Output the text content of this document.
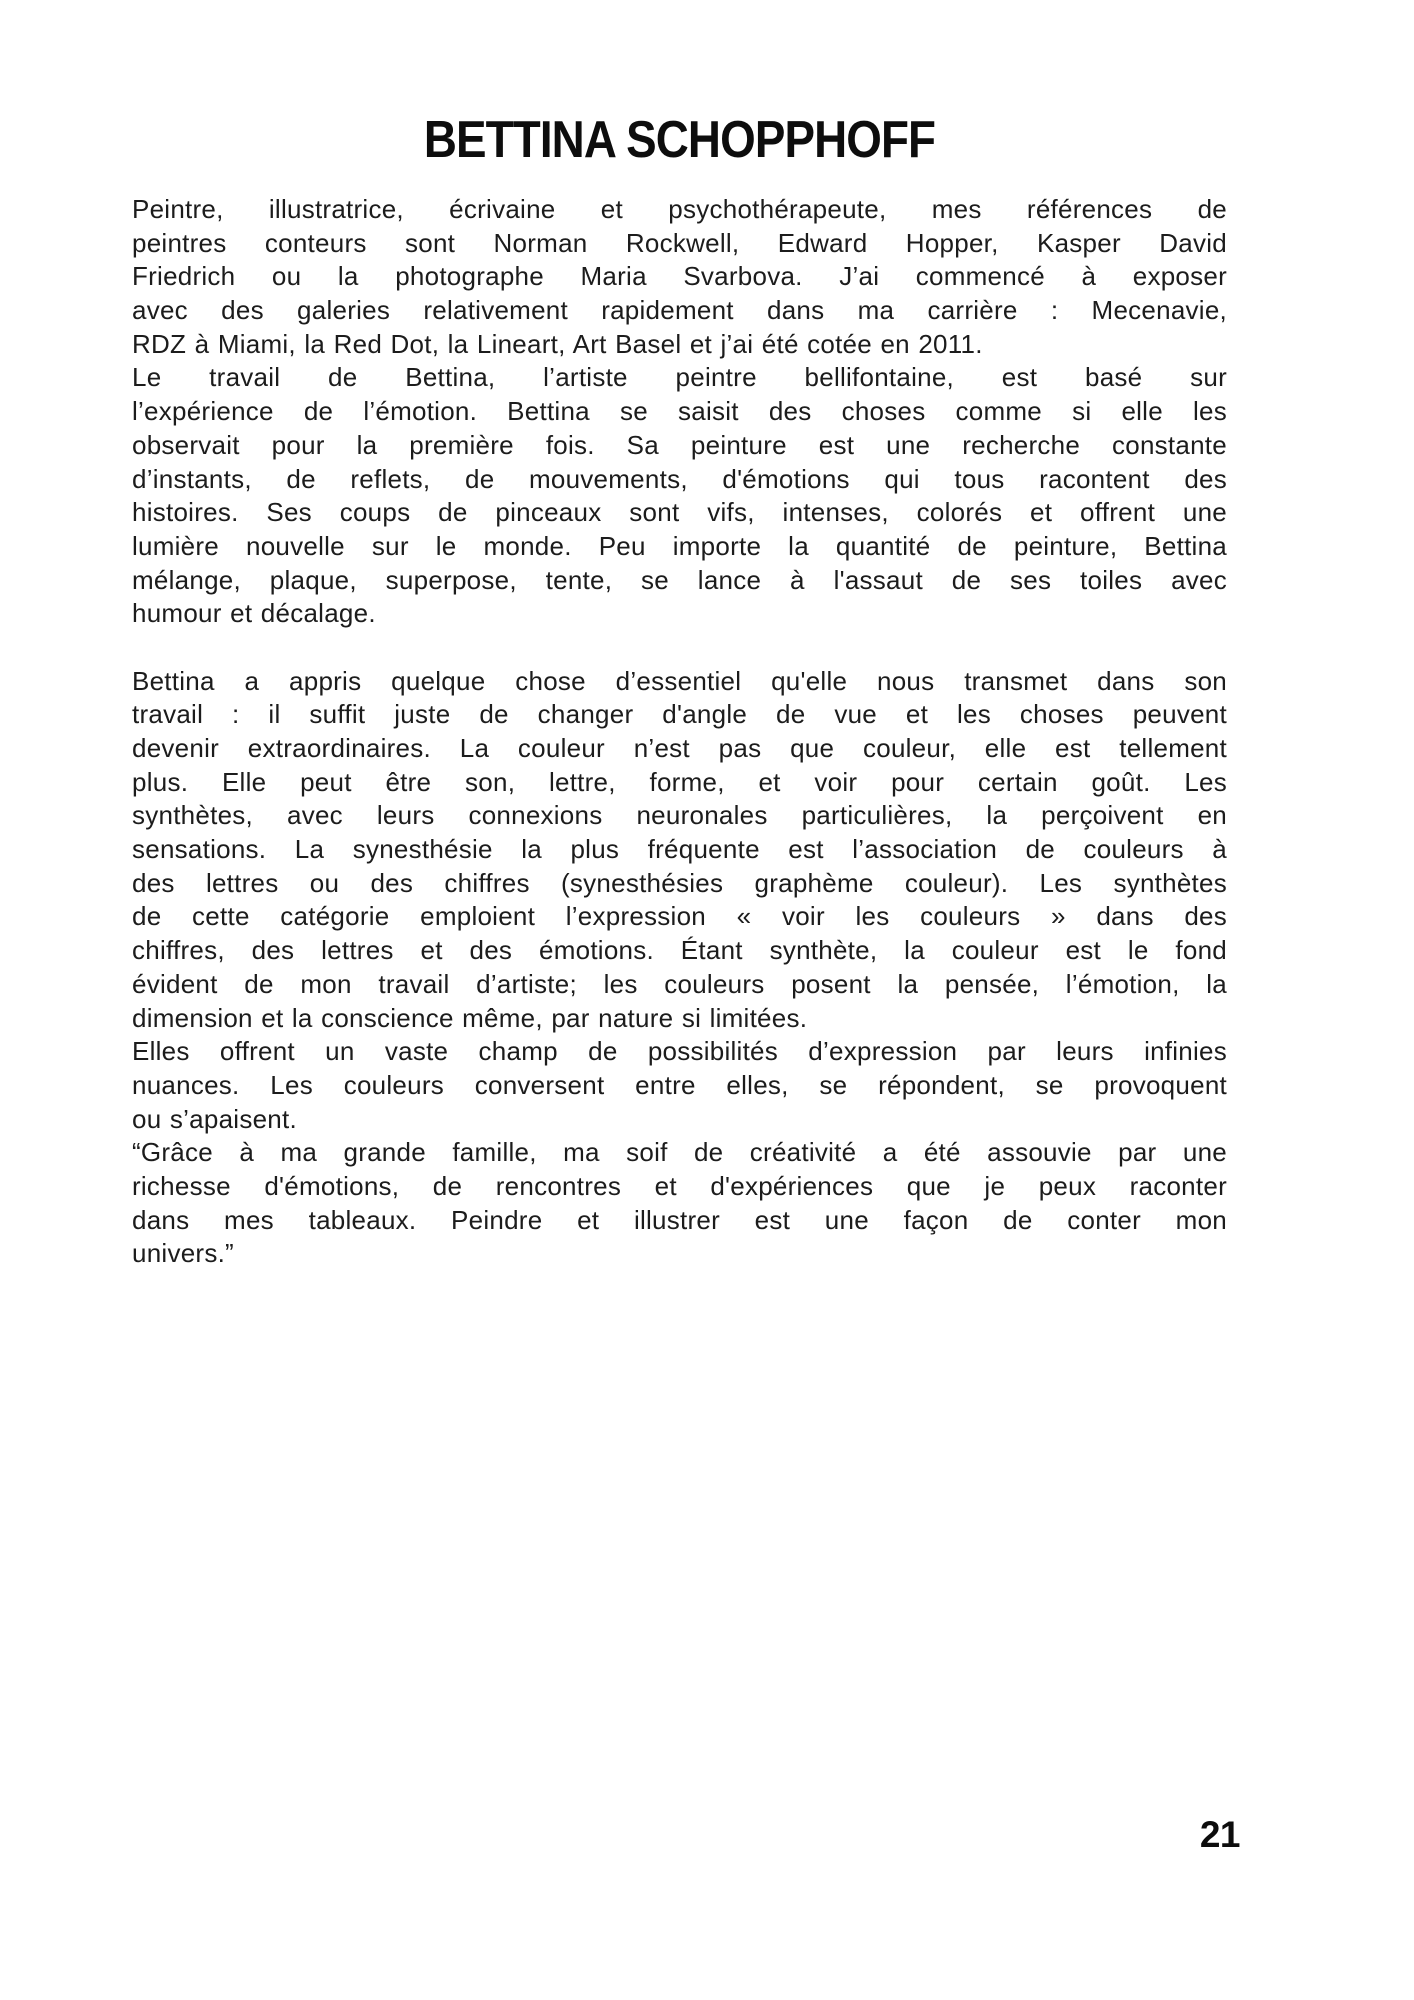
BETTINA SCHOPPHOFF
Peintre, illustratrice, écrivaine et psychothérapeute, mes références de
peintres conteurs sont Norman Rockwell, Edward Hopper, Kasper David
Friedrich ou la photographe Maria Svarbova. J’ai commencé à exposer
avec des galeries relativement rapidement dans ma carrière : Mecenavie,
RDZ à Miami, la Red Dot, la Lineart, Art Basel et j’ai été cotée en 2011.
Le travail de Bettina, l’artiste peintre bellifontaine, est basé sur
l’expérience de l’émotion. Bettina se saisit des choses comme si elle les
observait pour la première fois. Sa peinture est une recherche constante
d’instants, de reflets, de mouvements, d'émotions qui tous racontent des
histoires. Ses coups de pinceaux sont vifs, intenses, colorés et offrent une
lumière nouvelle sur le monde. Peu importe la quantité de peinture, Bettina
mélange, plaque, superpose, tente, se lance à l'assaut de ses toiles avec
humour et décalage.
Bettina a appris quelque chose d’essentiel qu'elle nous transmet dans son
travail : il suffit juste de changer d'angle de vue et les choses peuvent
devenir extraordinaires. La couleur n’est pas que couleur, elle est tellement
plus. Elle peut être son, lettre, forme, et voir pour certain goût. Les
synthètes, avec leurs connexions neuronales particulières, la perçoivent en
sensations. La synesthésie la plus fréquente est l’association de couleurs à
des lettres ou des chiffres (synesthésies graphème couleur). Les synthètes
de cette catégorie emploient l’expression « voir les couleurs » dans des
chiffres, des lettres et des émotions. Étant synthète, la couleur est le fond
évident de mon travail d’artiste; les couleurs posent la pensée, l’émotion, la
dimension et la conscience même, par nature si limitées.
Elles offrent un vaste champ de possibilités d’expression par leurs infinies
nuances. Les couleurs conversent entre elles, se répondent, se provoquent
ou s’apaisent.
“Grâce à ma grande famille, ma soif de créativité a été assouvie par une
richesse d'émotions, de rencontres et d'expériences que je peux raconter
dans mes tableaux. Peindre et illustrer est une façon de conter mon
univers.”
21
